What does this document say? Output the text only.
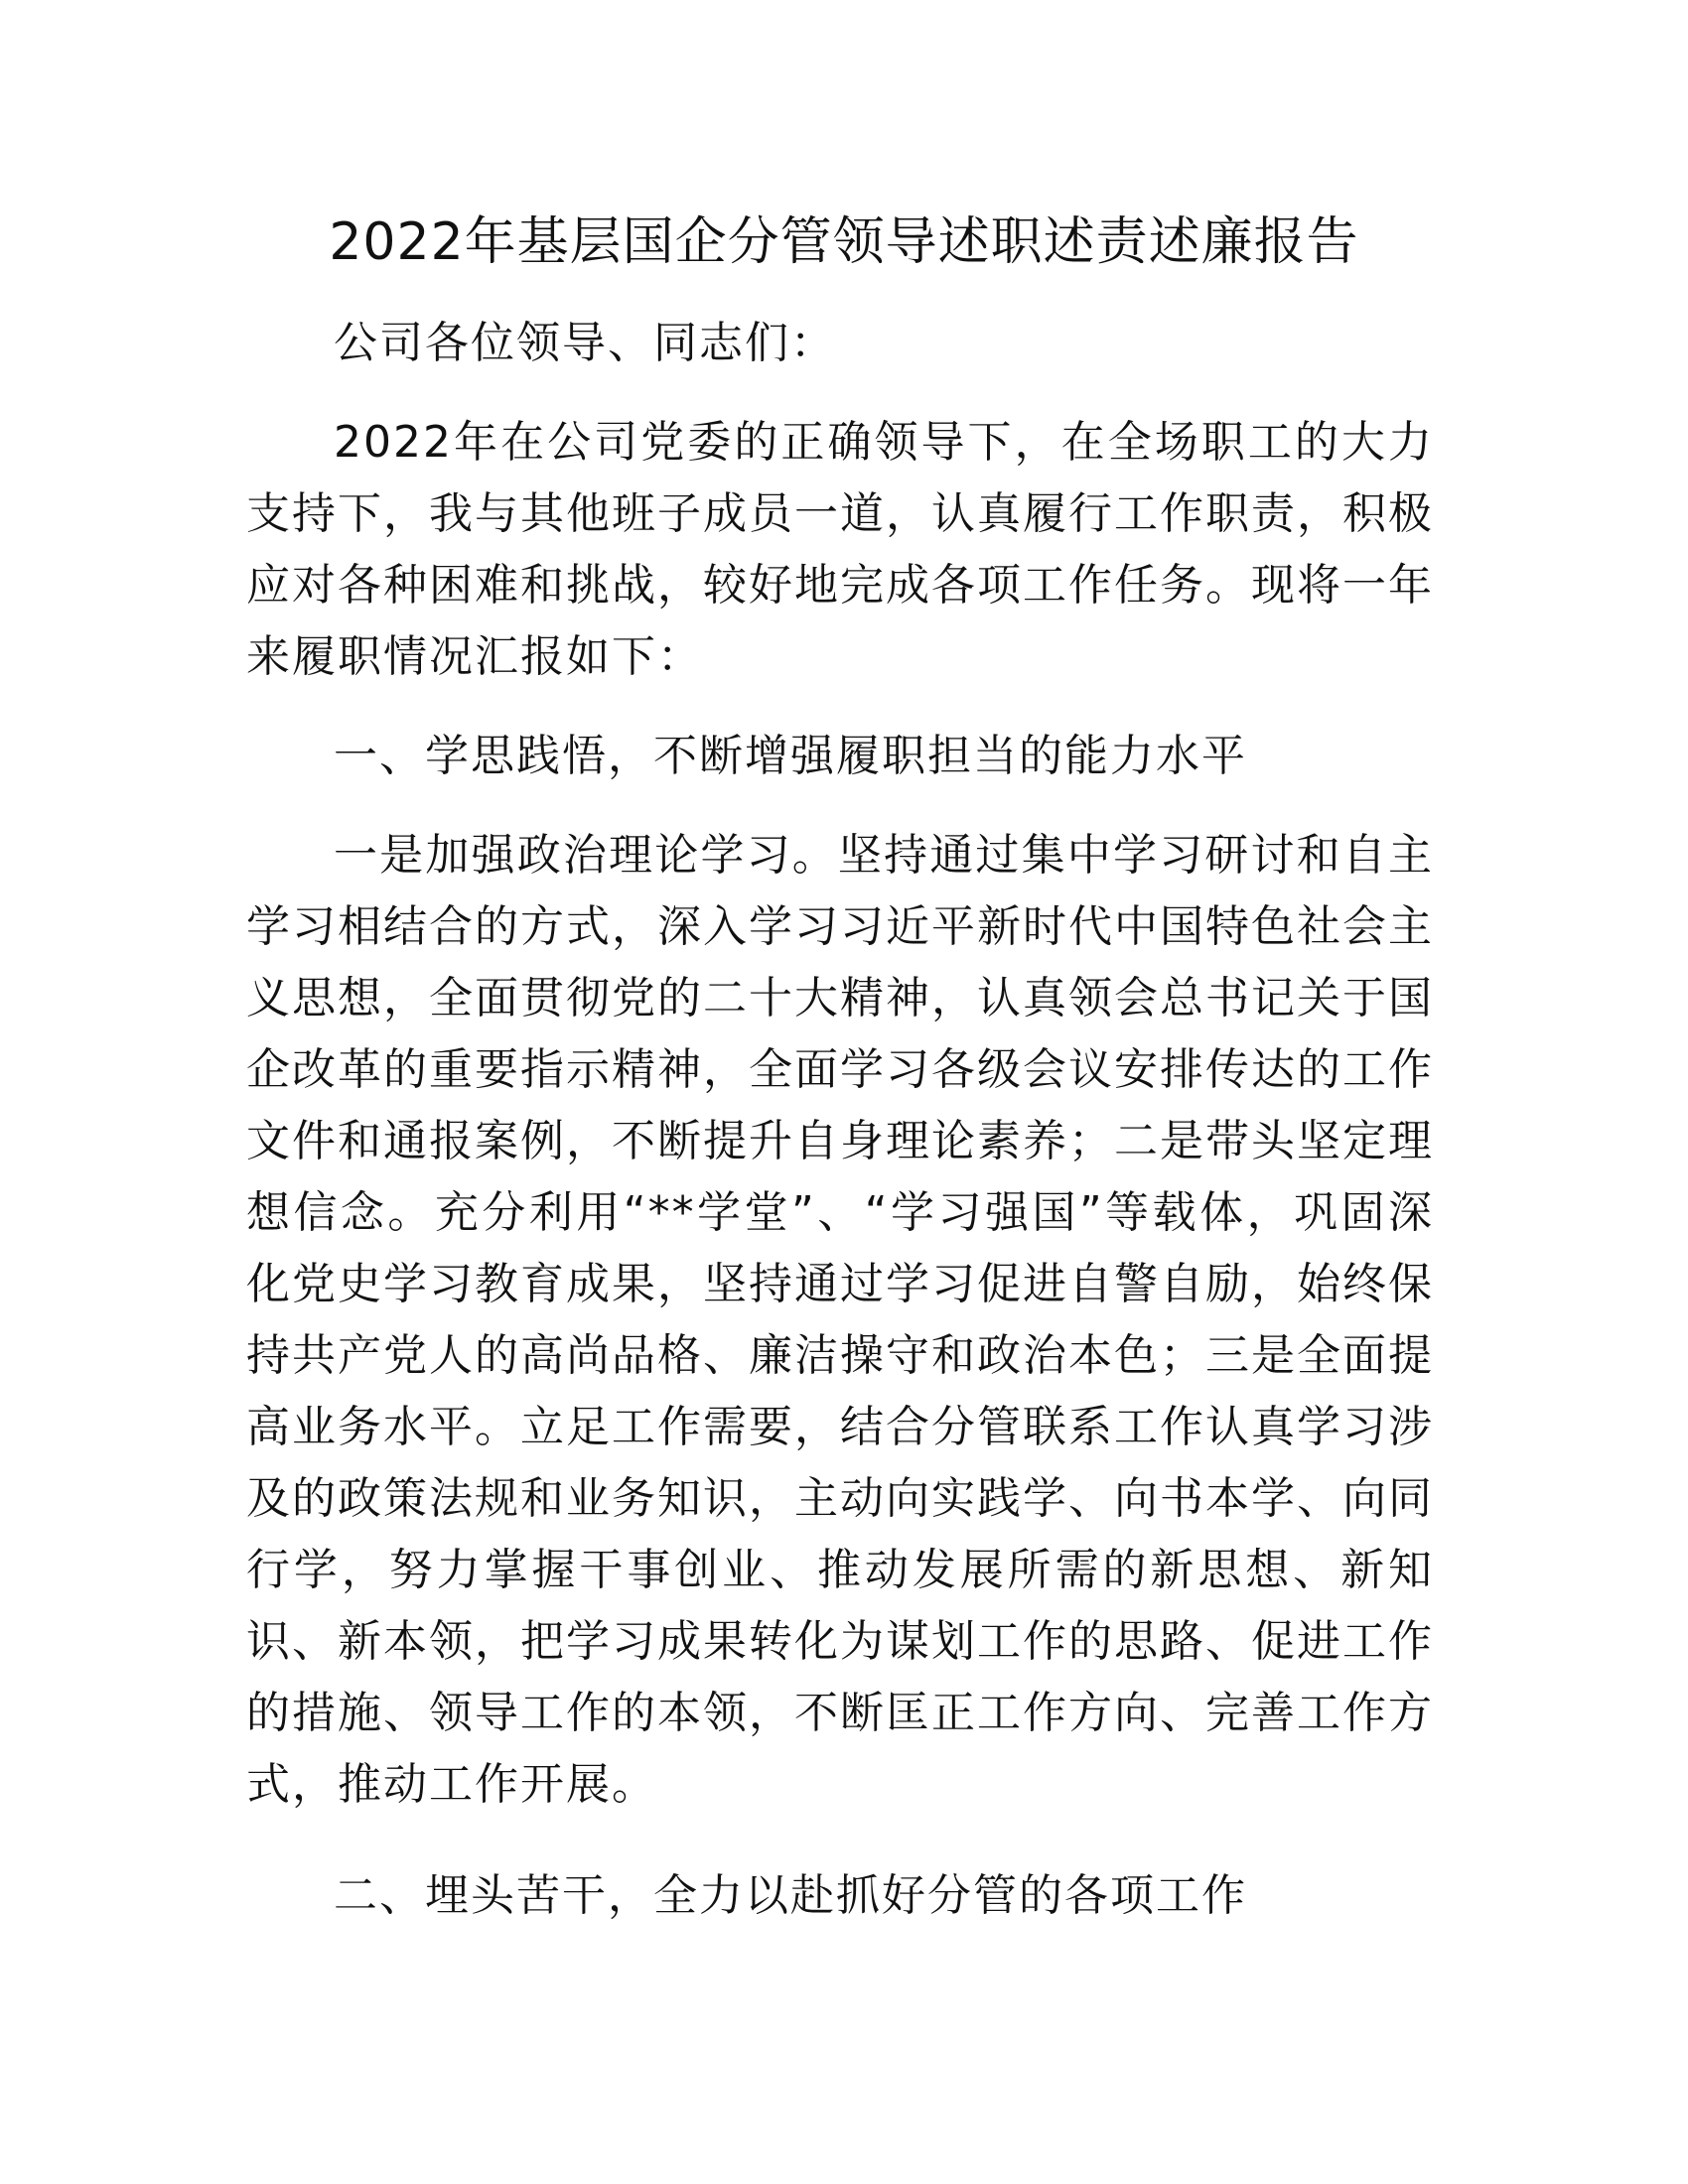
2022年基层国企分管领导述职述责述廉报告

公司各位领导、同志们：

2022年在公司党委的正确领导下，在全场职工的大力支持下，我与其他班子成员一道，认真履行工作职责，积极应对各种困难和挑战，较好地完成各项工作任务。现将一年来履职情况汇报如下：

一、学思践悟，不断增强履职担当的能力水平

一是加强政治理论学习。坚持通过集中学习研讨和自主学习相结合的方式，深入学习习近平新时代中国特色社会主义思想，全面贯彻党的二十大精神，认真领会总书记关于国企改革的重要指示精神，全面学习各级会议安排传达的工作文件和通报案例，不断提升自身理论素养；二是带头坚定理想信念。充分利用“**学堂”、“学习强国”等载体，巩固深化党史学习教育成果，坚持通过学习促进自警自励，始终保持共产党人的高尚品格、廉洁操守和政治本色；三是全面提高业务水平。立足工作需要，结合分管联系工作认真学习涉及的政策法规和业务知识，主动向实践学、向书本学、向同行学，努力掌握干事创业、推动发展所需的新思想、新知识、新本领，把学习成果转化为谋划工作的思路、促进工作的措施、领导工作的本领，不断匡正工作方向、完善工作方式，推动工作开展。

二、埋头苦干，全力以赴抓好分管的各项工作
